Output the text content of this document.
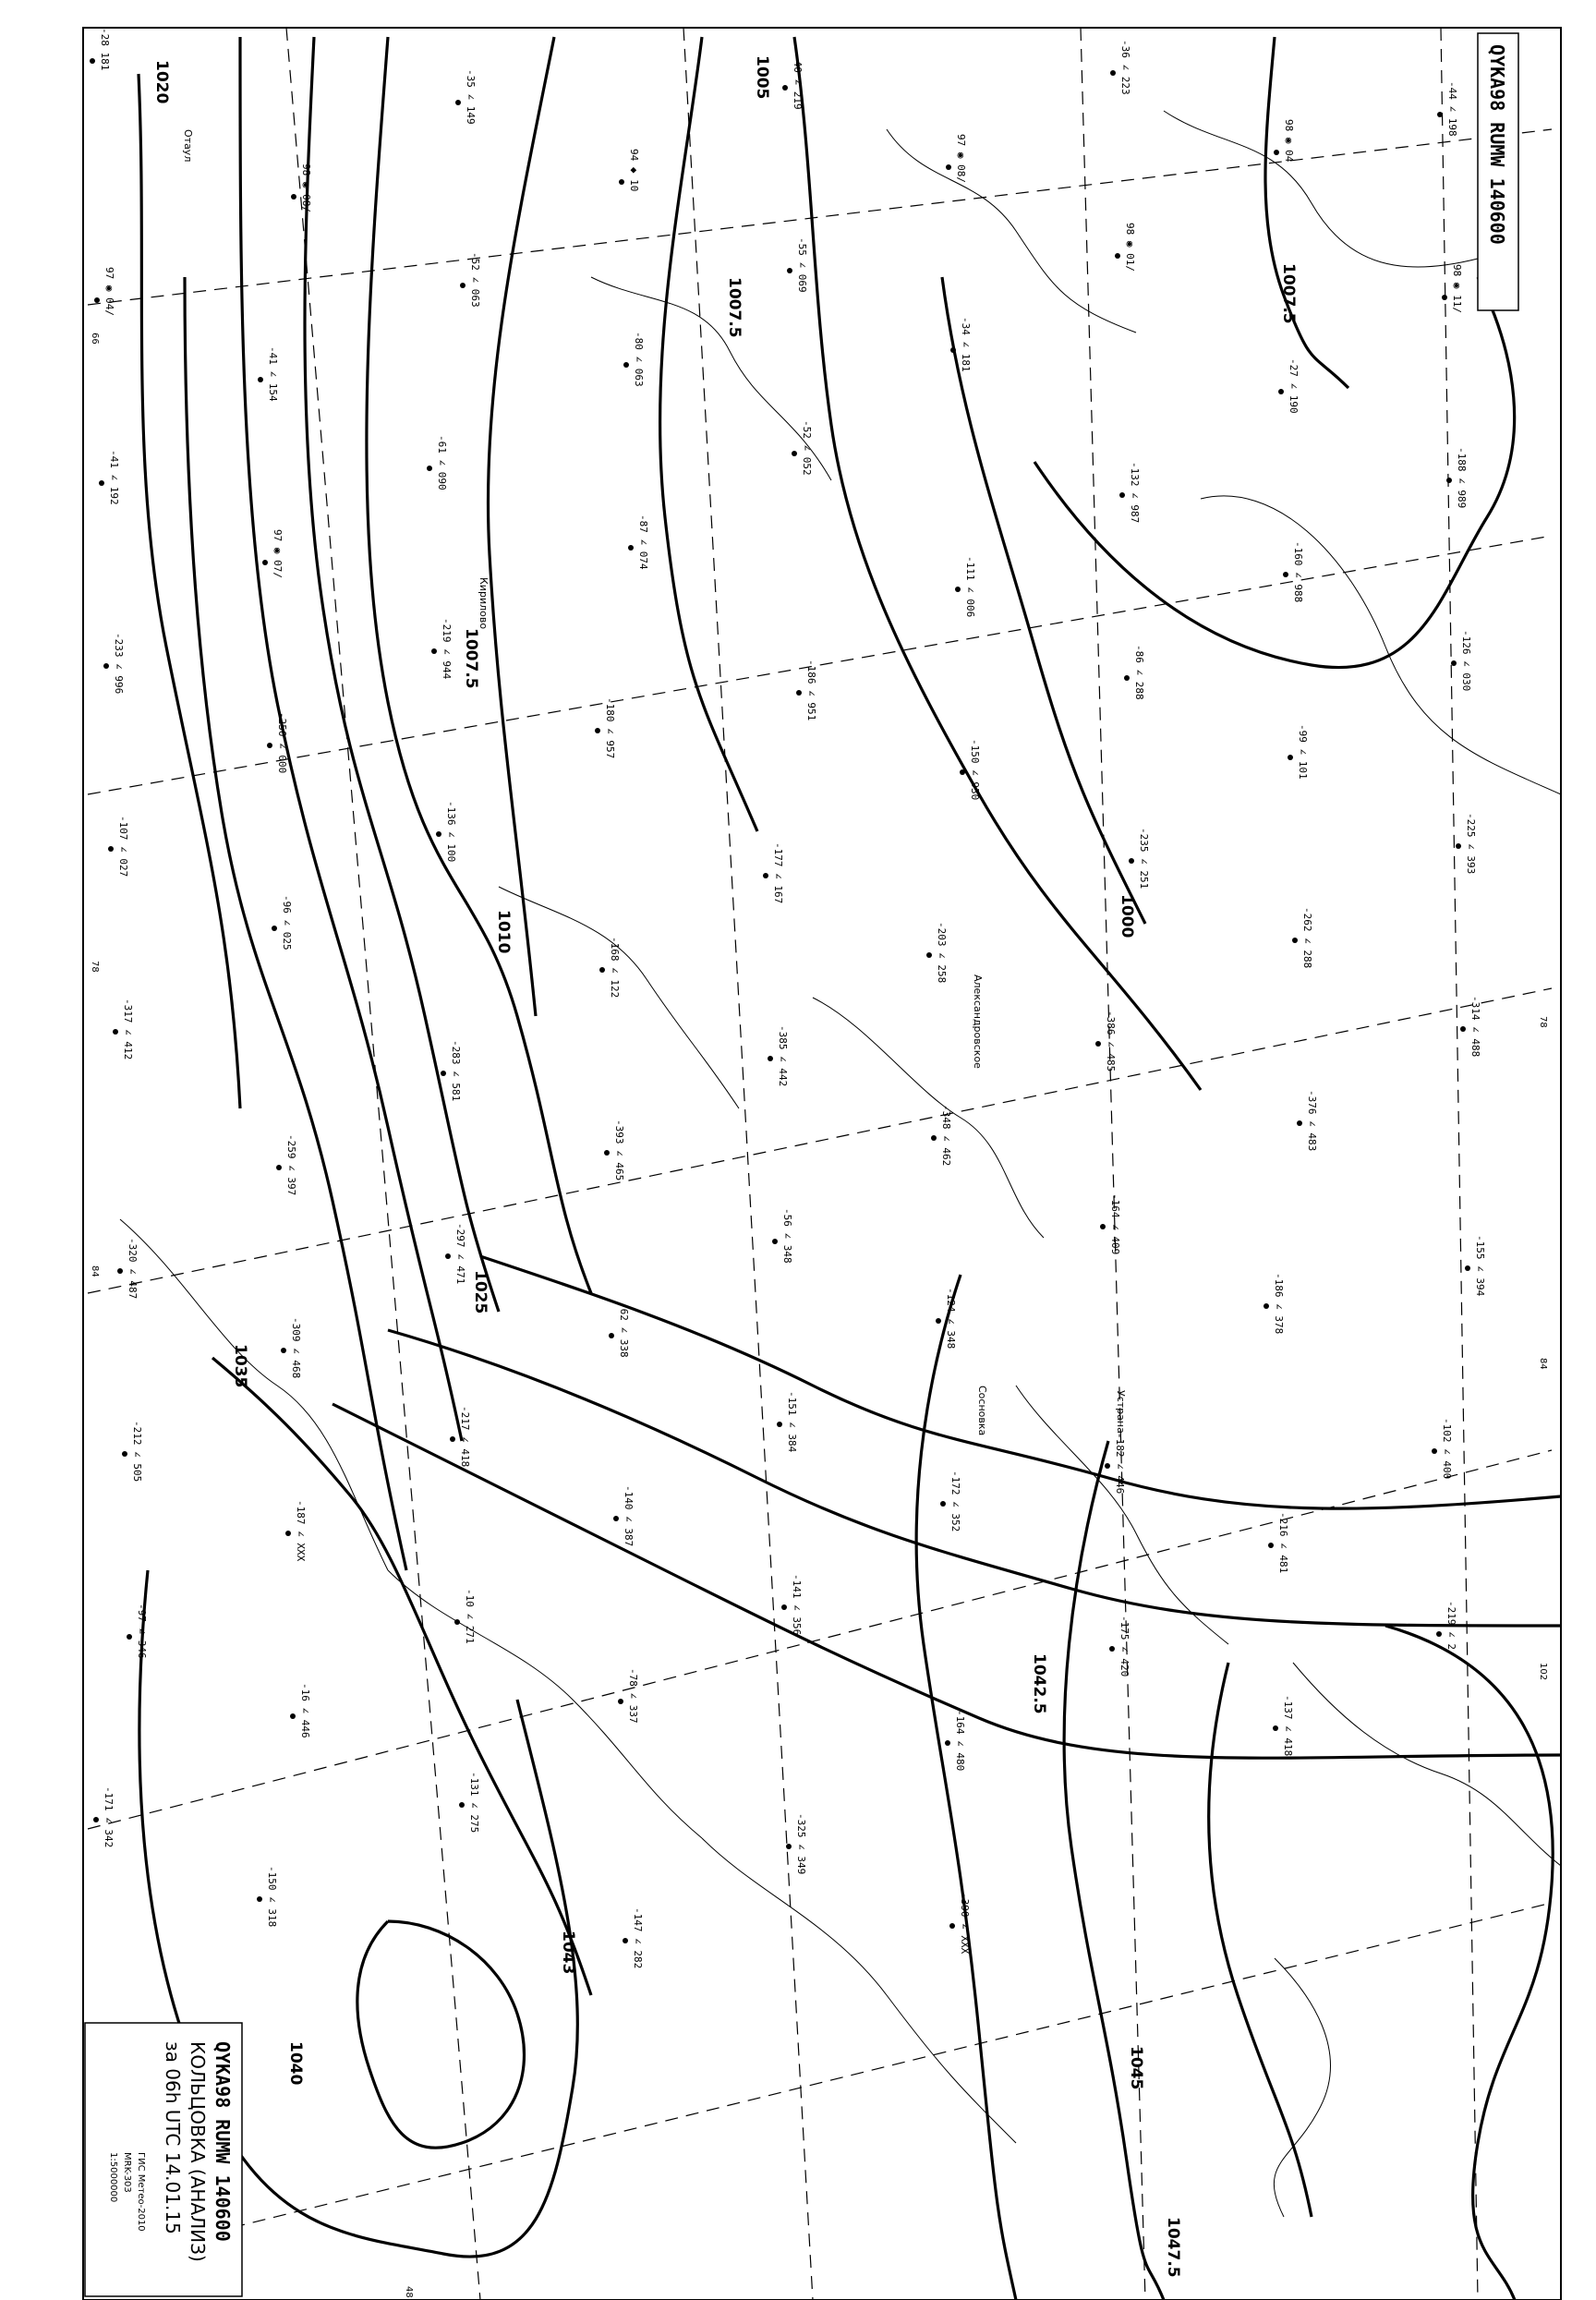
1005
1007.5	1007.5
1007.5
1010	1000
1020
1025
1035
1040
1042.5
1045
1043
1047.5
66
78
84
102
78
84
48
Отаул
Александровское
Сосновка
Кирилово
Устрана
-28 181
98 ◉ 08/
-35 ∠ 149
94 ◆ 10
-40 ∠ 219
97 ◉ 08/
-36 ∠ 223
98 ◉ 04
-44 ∠ 198
97 ◉ 04/
-41 ∠ 154
-52 ∠ 063
-80 ∠ 063
-55 ∠ 069
-34 ∠ 181
98 ◉ 01/
-27 ∠ 190
98 ◉ 11/
-41 ∠ 192
97 ◉ 07/
-61 ∠ 090
-87 ∠ 074
-52 ∠ 052
-111 ∠ 006
-132 ∠ 987
-160 ∠ 988
-188 ∠ 989
-233 ∠ 996
-250 ∠ 000
-219 ∠ 944
-180 ∠ 957
-186 ∠ 951
-150 ∠ 930
-86 ∠ 288
-99 ∠ 101
-126 ∠ 030
-107 ∠ 027
-96 ∠ 025
-136 ∠ 100
-168 ∠ 122
-177 ∠ 167
-203 ∠ 258
-235 ∠ 251
-262 ∠ 288
-225 ∠ 393
-317 ∠ 412
-259 ∠ 397
-283 ∠ 581
-393 ∠ 465
-385 ∠ 442
-348 ∠ 462
-386 ∠ 485
-376 ∠ 483
-314 ∠ 488
-320 ∠ 487
-309 ∠ 468
-297 ∠ 471
-62 ∠ 338
-56 ∠ 348
-124 ∠ 348
-164 ∠ 409
-186 ∠ 378
-155 ∠ 394
-212 ∠ 505
-187 ∠ XXX
-217 ∠ 418
-140 ∠ 387
-151 ∠ 384
-172 ∠ 352
-182 ∠ 446
-216 ∠ 481
-102 ∠ 400
-97 ∠ 346
-16 ∠ 446
-10 ∠ 271
-78 ∠ 337
-141 ∠ 356
-164 ∠ 480
-175 ∠ 420
-137 ∠ 418
-219 ∠ 2
-171 ∠ 342
-150 ∠ 318
-131 ∠ 275
-147 ∠ 282
-325 ∠ 349
-390 ∠ XXX
QYKA98 RUMW 140600
QYKA98 RUMW 140600
КОЛЬЦОВКА (АНАЛИЗ)
за 06h UTC 14.01.15
ГИС Метео-2010
MRK-303
1:5000000
